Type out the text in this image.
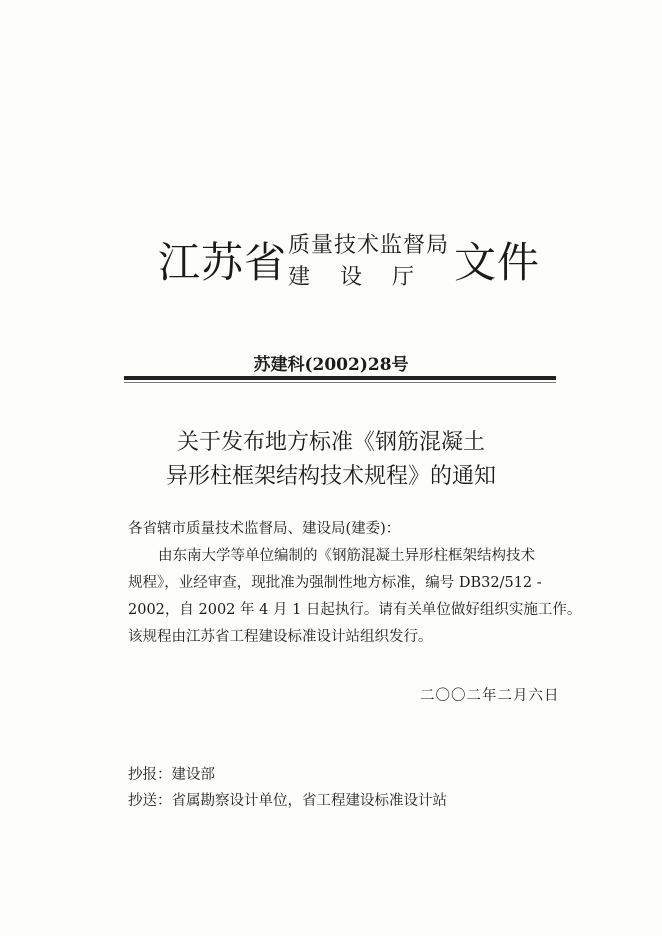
江苏省 质量技术监督局
建设厅 文件
苏建科(2002)28号
关于发布地方标准《钢筋混凝土
异形柱框架结构技术规程》的通知
各省辖市质量技术监督局、建设局(建委)：
由东南大学等单位编制的《钢筋混凝土异形柱框架结构技术
规程》，业经审查，现批准为强制性地方标准，编号 DB32/512 -
2002，自 2002 年 4 月 1 日起执行。请有关单位做好组织实施工作。
该规程由江苏省工程建设标准设计站组织发行。
二〇〇二年二月六日
抄报：建设部
抄送：省属勘察设计单位，省工程建设标准设计站
